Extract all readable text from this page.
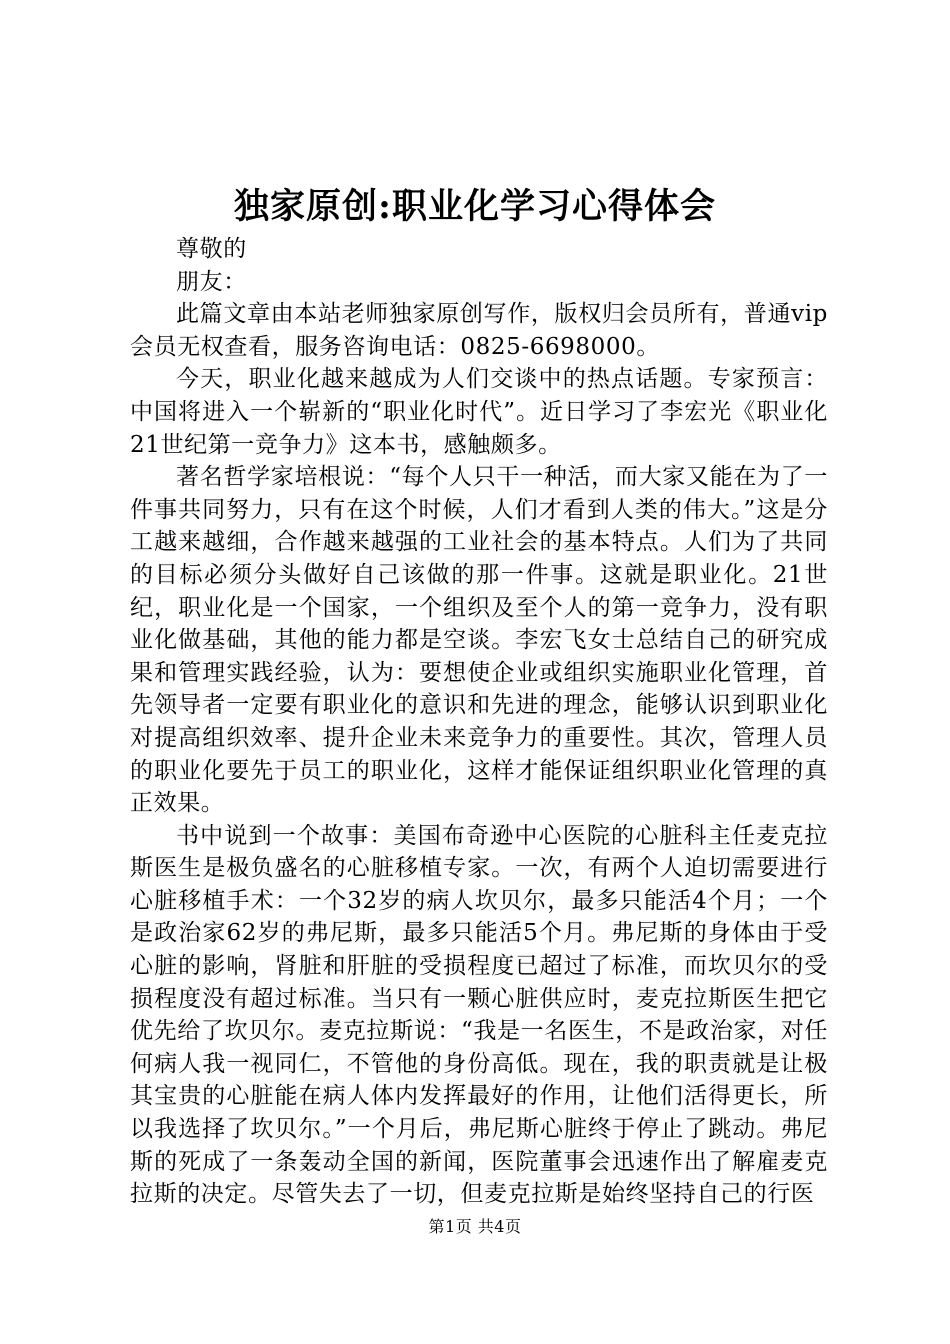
独家原创:职业化学习心得体会

尊敬的

朋友：

此篇文章由本站老师独家原创写作，版权归会员所有，普通vip会员无权查看，服务咨询电话：0825-6698000。

今天，职业化越来越成为人们交谈中的热点话题。专家预言：中国将进入一个崭新的“职业化时代”。近日学习了李宏光《职业化21世纪第一竞争力》这本书，感触颇多。

著名哲学家培根说：“每个人只干一种活，而大家又能在为了一件事共同努力，只有在这个时候，人们才看到人类的伟大。”这是分工越来越细，合作越来越强的工业社会的基本特点。人们为了共同的目标必须分头做好自己该做的那一件事。这就是职业化。21世纪，职业化是一个国家，一个组织及至个人的第一竞争力，没有职业化做基础，其他的能力都是空谈。李宏飞女士总结自己的研究成果和管理实践经验，认为：要想使企业或组织实施职业化管理，首先领导者一定要有职业化的意识和先进的理念，能够认识到职业化对提高组织效率、提升企业未来竞争力的重要性。其次，管理人员的职业化要先于员工的职业化，这样才能保证组织职业化管理的真正效果。

书中说到一个故事：美国布奇逊中心医院的心脏科主任麦克拉斯医生是极负盛名的心脏移植专家。一次，有两个人迫切需要进行心脏移植手术：一个32岁的病人坎贝尔，最多只能活4个月；一个是政治家62岁的弗尼斯，最多只能活5个月。弗尼斯的身体由于受心脏的影响，肾脏和肝脏的受损程度已超过了标准，而坎贝尔的受损程度没有超过标准。当只有一颗心脏供应时，麦克拉斯医生把它优先给了坎贝尔。麦克拉斯说：“我是一名医生，不是政治家，对任何病人我一视同仁，不管他的身份高低。现在，我的职责就是让极其宝贵的心脏能在病人体内发挥最好的作用，让他们活得更长，所以我选择了坎贝尔。”一个月后，弗尼斯心脏终于停止了跳动。弗尼斯的死成了一条轰动全国的新闻，医院董事会迅速作出了解雇麦克拉斯的决定。尽管失去了一切，但麦克拉斯是始终坚持自己的行医

第1页 共4页
